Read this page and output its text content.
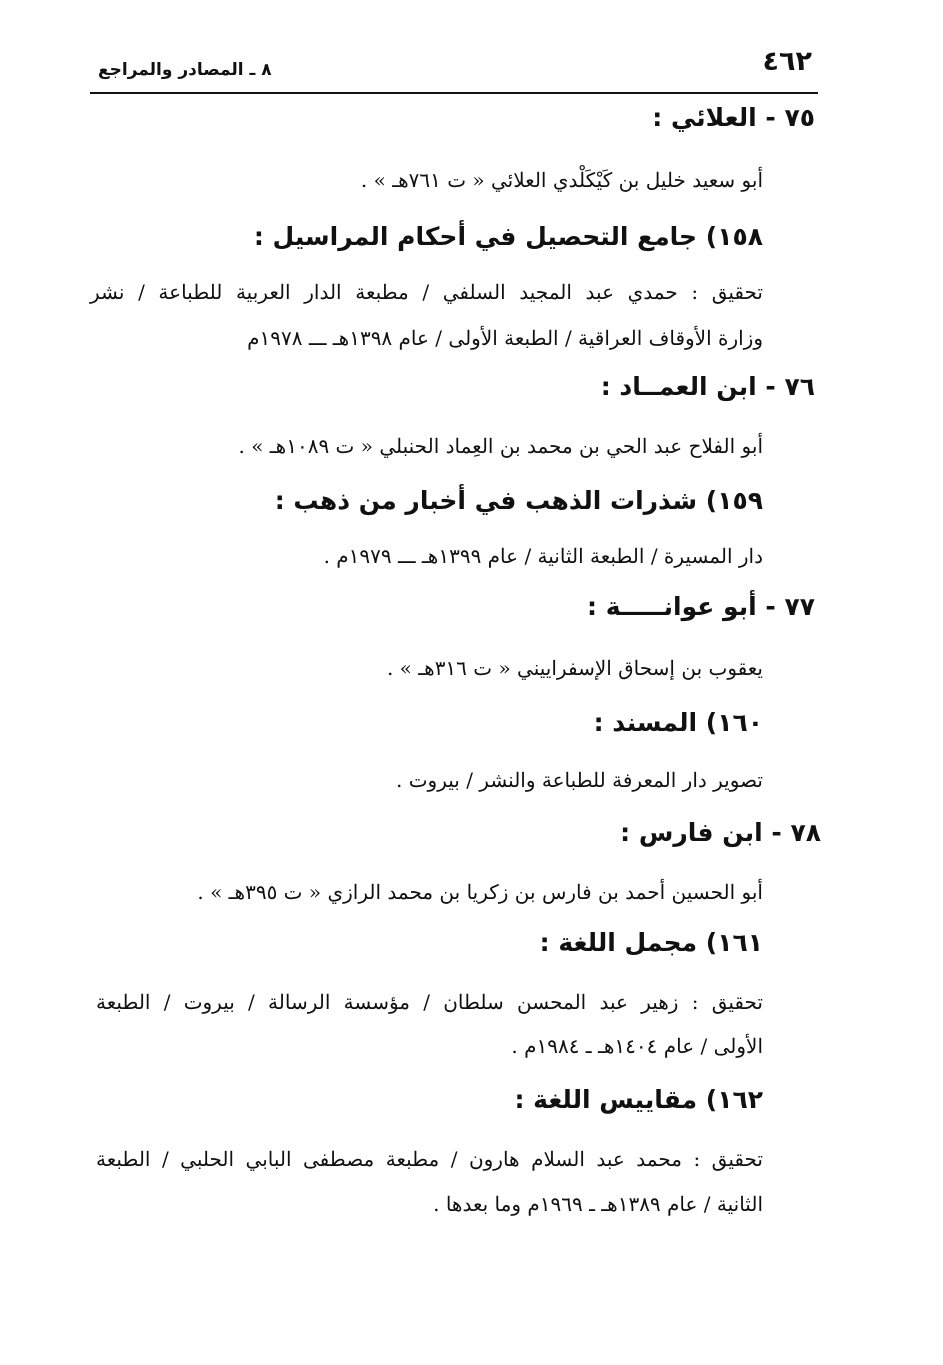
٤٦٢
٨ ـ المصادر والمراجع
٧٥ - العلائي :
أبو سعيد خليل بن كَيْكَلْدي العلائي « ت ٧٦١هـ » .
١٥٨) جامع التحصيل في أحكام المراسيل :
تحقيق : حمدي عبد المجيد السلفي / مطبعة الدار العربية للطباعة / نشر
وزارة الأوقاف العراقية / الطبعة الأولى / عام ١٣٩٨هـ ـــ ١٩٧٨م
٧٦ - ابن العمــاد :
أبو الفلاح عبد الحي بن محمد بن العِماد الحنبلي « ت ١٠٨٩هـ » .
١٥٩) شذرات الذهب في أخبار من ذهب :
دار المسيرة / الطبعة الثانية / عام ١٣٩٩هـ ـــ ١٩٧٩م .
٧٧ - أبو عوانـــــة :
يعقوب بن إسحاق الإسفراييني « ت ٣١٦هـ » .
١٦٠) المسند :
تصوير دار المعرفة للطباعة والنشر / بيروت .
٧٨ - ابن فارس :
أبو الحسين أحمد بن فارس بن زكريا بن محمد الرازي « ت ٣٩٥هـ » .
١٦١) مجمل اللغة :
تحقيق : زهير عبد المحسن سلطان / مؤسسة الرسالة / بيروت / الطبعة
الأولى / عام ١٤٠٤هـ ـ ١٩٨٤م .
١٦٢) مقاييس اللغة :
تحقيق : محمد عبد السلام هارون / مطبعة مصطفى البابي الحلبي / الطبعة
الثانية / عام ١٣٨٩هـ ـ ١٩٦٩م وما بعدها .
